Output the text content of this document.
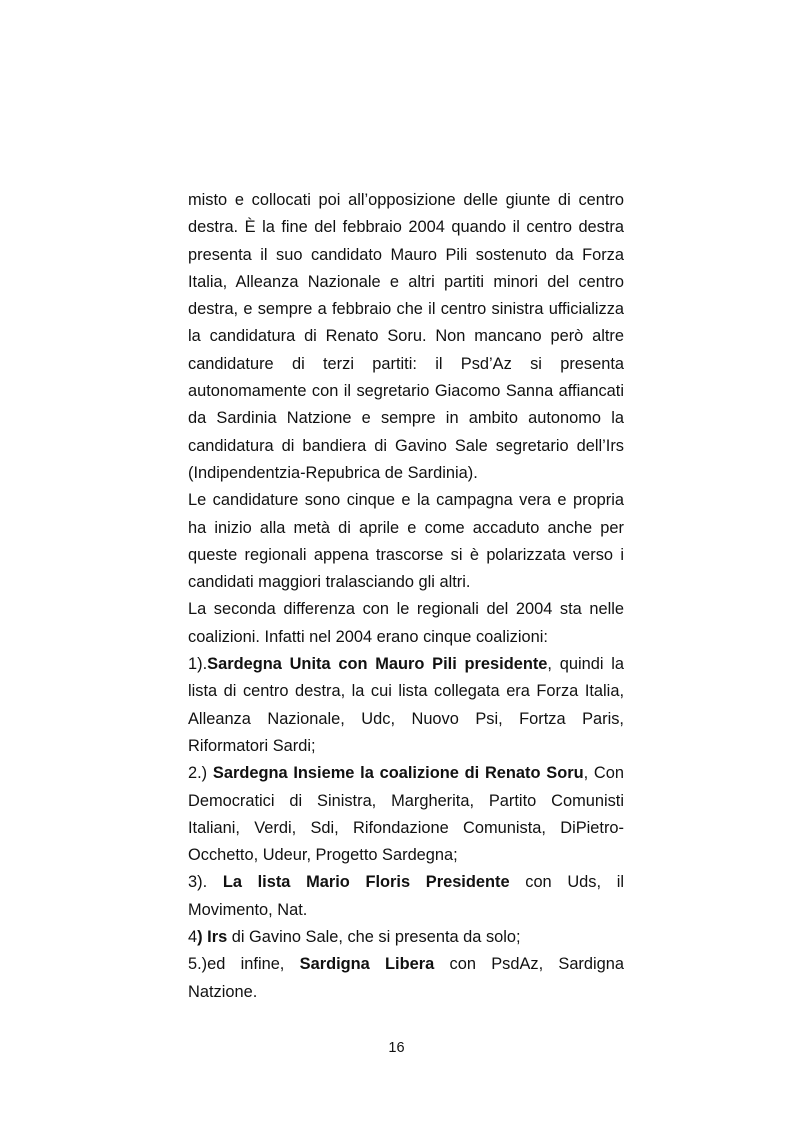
misto e collocati poi all’opposizione delle giunte di centro destra. È la fine del febbraio 2004 quando il centro destra presenta il suo candidato Mauro Pili sostenuto da Forza Italia, Alleanza Nazionale e altri partiti minori del centro destra, e sempre a febbraio che il centro sinistra ufficializza la candidatura di Renato Soru. Non mancano però altre candidature di terzi partiti: il Psd’Az si presenta autonomamente con il segretario Giacomo Sanna affiancati da Sardinia Natzione e sempre in ambito autonomo la candidatura di bandiera di Gavino Sale segretario dell’Irs (Indipendentzia-Repubrica de Sardinia).

Le candidature sono cinque e la campagna vera e propria ha inizio alla metà di aprile e come accaduto anche per queste regionali appena trascorse si è polarizzata verso i candidati maggiori tralasciando gli altri.

La seconda differenza con le regionali del 2004 sta nelle coalizioni. Infatti nel 2004 erano cinque coalizioni:

1).Sardegna Unita con Mauro Pili presidente, quindi la lista di centro destra, la cui lista collegata era Forza Italia, Alleanza Nazionale, Udc, Nuovo Psi, Fortza Paris, Riformatori Sardi;

2.) Sardegna Insieme la coalizione di Renato Soru, Con Democratici di Sinistra, Margherita, Partito Comunisti Italiani, Verdi, Sdi, Rifondazione Comunista, DiPietro-Occhetto, Udeur, Progetto Sardegna;

3). La lista Mario Floris Presidente con Uds, il Movimento, Nat.

4) Irs di Gavino Sale, che si presenta da solo;

5.)ed infine, Sardigna Libera con PsdAz, Sardigna Natzione.

16
